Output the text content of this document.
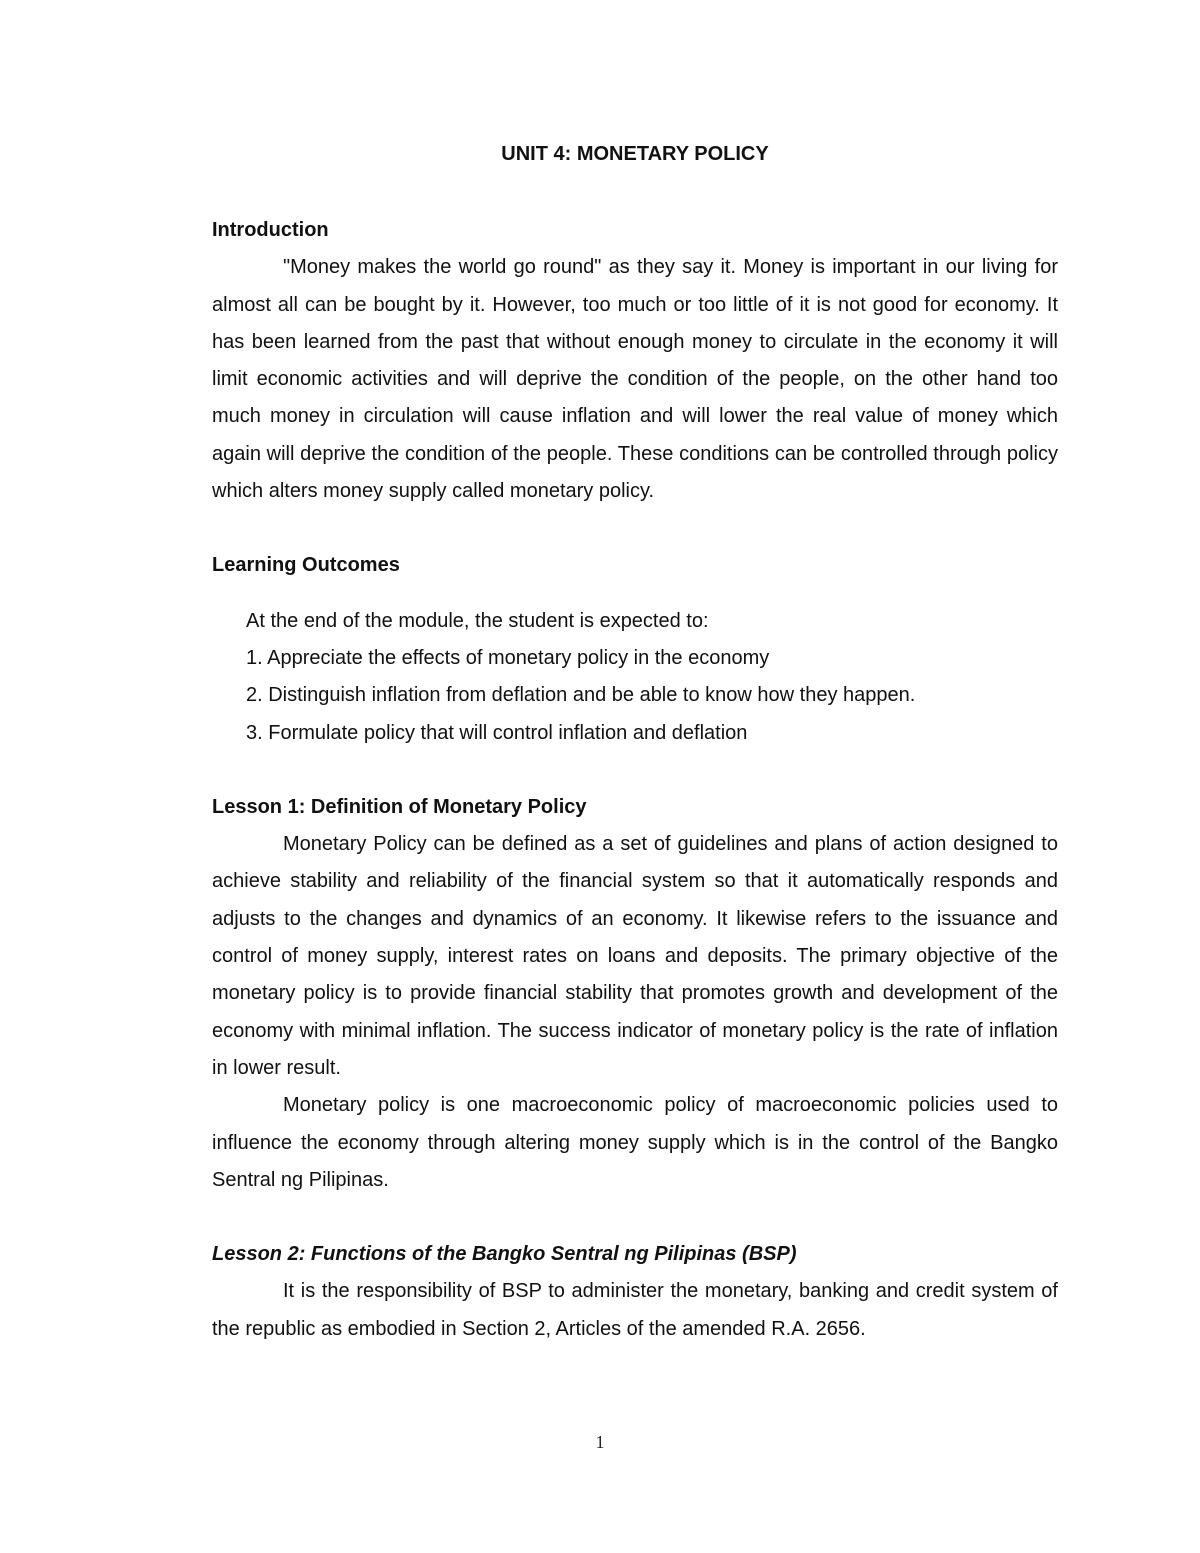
UNIT 4: MONETARY POLICY

Introduction

"Money makes the world go round" as they say it. Money is important in our living for almost all can be bought by it. However, too much or too little of it is not good for economy. It has been learned from the past that without enough money to circulate in the economy it will limit economic activities and will deprive the condition of the people, on the other hand too much money in circulation will cause inflation and will lower the real value of money which again will deprive the condition of the people. These conditions can be controlled through policy which alters money supply called monetary policy.

Learning Outcomes

At the end of the module, the student is expected to:

1. Appreciate the effects of monetary policy in the economy

2. Distinguish inflation from deflation and be able to know how they happen.

3. Formulate policy that will control inflation and deflation

Lesson 1: Definition of Monetary Policy

Monetary Policy can be defined as a set of guidelines and plans of action designed to achieve stability and reliability of the financial system so that it automatically responds and adjusts to the changes and dynamics of an economy. It likewise refers to the issuance and control of money supply, interest rates on loans and deposits. The primary objective of the monetary policy is to provide financial stability that promotes growth and development of the economy with minimal inflation. The success indicator of monetary policy is the rate of inflation in lower result.

Monetary policy is one macroeconomic policy of macroeconomic policies used to influence the economy through altering money supply which is in the control of the Bangko Sentral ng Pilipinas.

Lesson 2: Functions of the Bangko Sentral ng Pilipinas (BSP)

It is the responsibility of BSP to administer the monetary, banking and credit system of the republic as embodied in Section 2, Articles of the amended R.A. 2656.

1
